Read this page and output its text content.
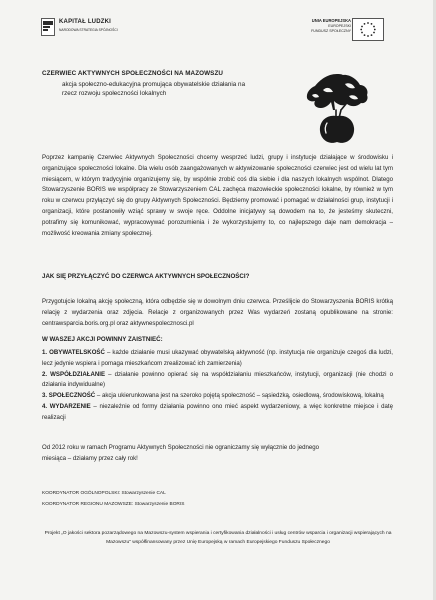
KAPITAŁ LUDZKI
NARODOWA STRATEGIA SPÓJNOŚCI
UNIA EUROPEJSKA
EUROPEJSKI
FUNDUSZ SPOŁECZNY
CZERWIEC AKTYWNYCH SPOŁECZNOŚCI NA MAZOWSZU
akcja społeczno-edukacyjna promująca obywatelskie działania na rzecz rozwoju społeczności lokalnych
Poprzez kampanię Czerwiec Aktywnych Społeczności chcemy wesprzeć ludzi, grupy i instytucje działające w środowisku i organizujące społeczności lokalne. Dla wielu osób zaangażowanych w aktywizowanie społeczności czerwiec jest od wielu lat tym miesiącem, w którym tradycyjnie organizujemy się, by wspólnie zrobić coś dla siebie i dla naszych lokalnych wspólnot. Dlatego Stowarzyszenie BORIS we współpracy ze Stowarzyszeniem CAL zachęca mazowieckie społeczności lokalne, by również w tym roku w czerwcu przyłączyć się do grupy Aktywnych Społeczności. Będziemy promować i pomagać w działalności grup, instytucji i organizacji, które postanowiły wziąć sprawy w swoje ręce. Oddolne inicjatywy są dowodem na to, że jesteśmy skuteczni, potrafimy się komunikować, wypracowywać porozumienia i że wykorzystujemy to, co najlepszego daje nam demokracja – możliwość kreowania zmiany społecznej.
JAK SIĘ PRZYŁĄCZYĆ DO CZERWCA AKTYWNYCH SPOŁECZNOŚCI?
Przygotujcie lokalną akcję społeczną, która odbędzie się w dowolnym dniu czerwca. Prześlijcie do Stowarzyszenia BORIS krótką relację z wydarzenia oraz zdjęcia. Relacje z organizowanych przez Was wydarzeń zostaną opublikowane na stronie: centrawsparcia.boris.org.pl oraz aktywnespolecznosci.pl
W WASZEJ AKCJI POWINNY ZAISTNIEĆ:

1. OBYWATELSKOŚĆ – każde działanie musi ukazywać obywatelską aktywność (np. instytucja nie organizuje czegoś dla ludzi, lecz jedynie wspiera i pomaga mieszkańcom zrealizować ich zamierzenia)

2. WSPÓŁDZIAŁANIE – działanie powinno opierać się na współdziałaniu mieszkańców, instytucji, organizacji (nie chodzi o działania indywidualne)

3. SPOŁECZNOŚĆ – akcja ukierunkowana jest na szeroko pojętą społeczność – sąsiedzką, osiedlową, środowiskową, lokalną

4. WYDARZENIE – niezależnie od formy działania powinno ono mieć aspekt wydarzeniowy, a więc konkretne miejsce i datę realizacji

Od 2012 roku w ramach Programu Aktywnych Społeczności nie ograniczamy się wyłącznie do jednego miesiąca – działamy przez cały rok!
KOORDYNATOR OGÓLNOPOLSKI: Stowarzyszenie CAL
KOORDYNATOR REGIONU MAZOWSZE: Stowarzyszenie BORIS
Projekt „O jakości sektora pozarządowego na Mazowszu-system wspierania i certyfikowania działalności i usług centrów wsparcia i organizacji wspierających na Mazowszu" współfinansowany przez Unię Europejską w ramach Europejskiego Funduszu Społecznego
